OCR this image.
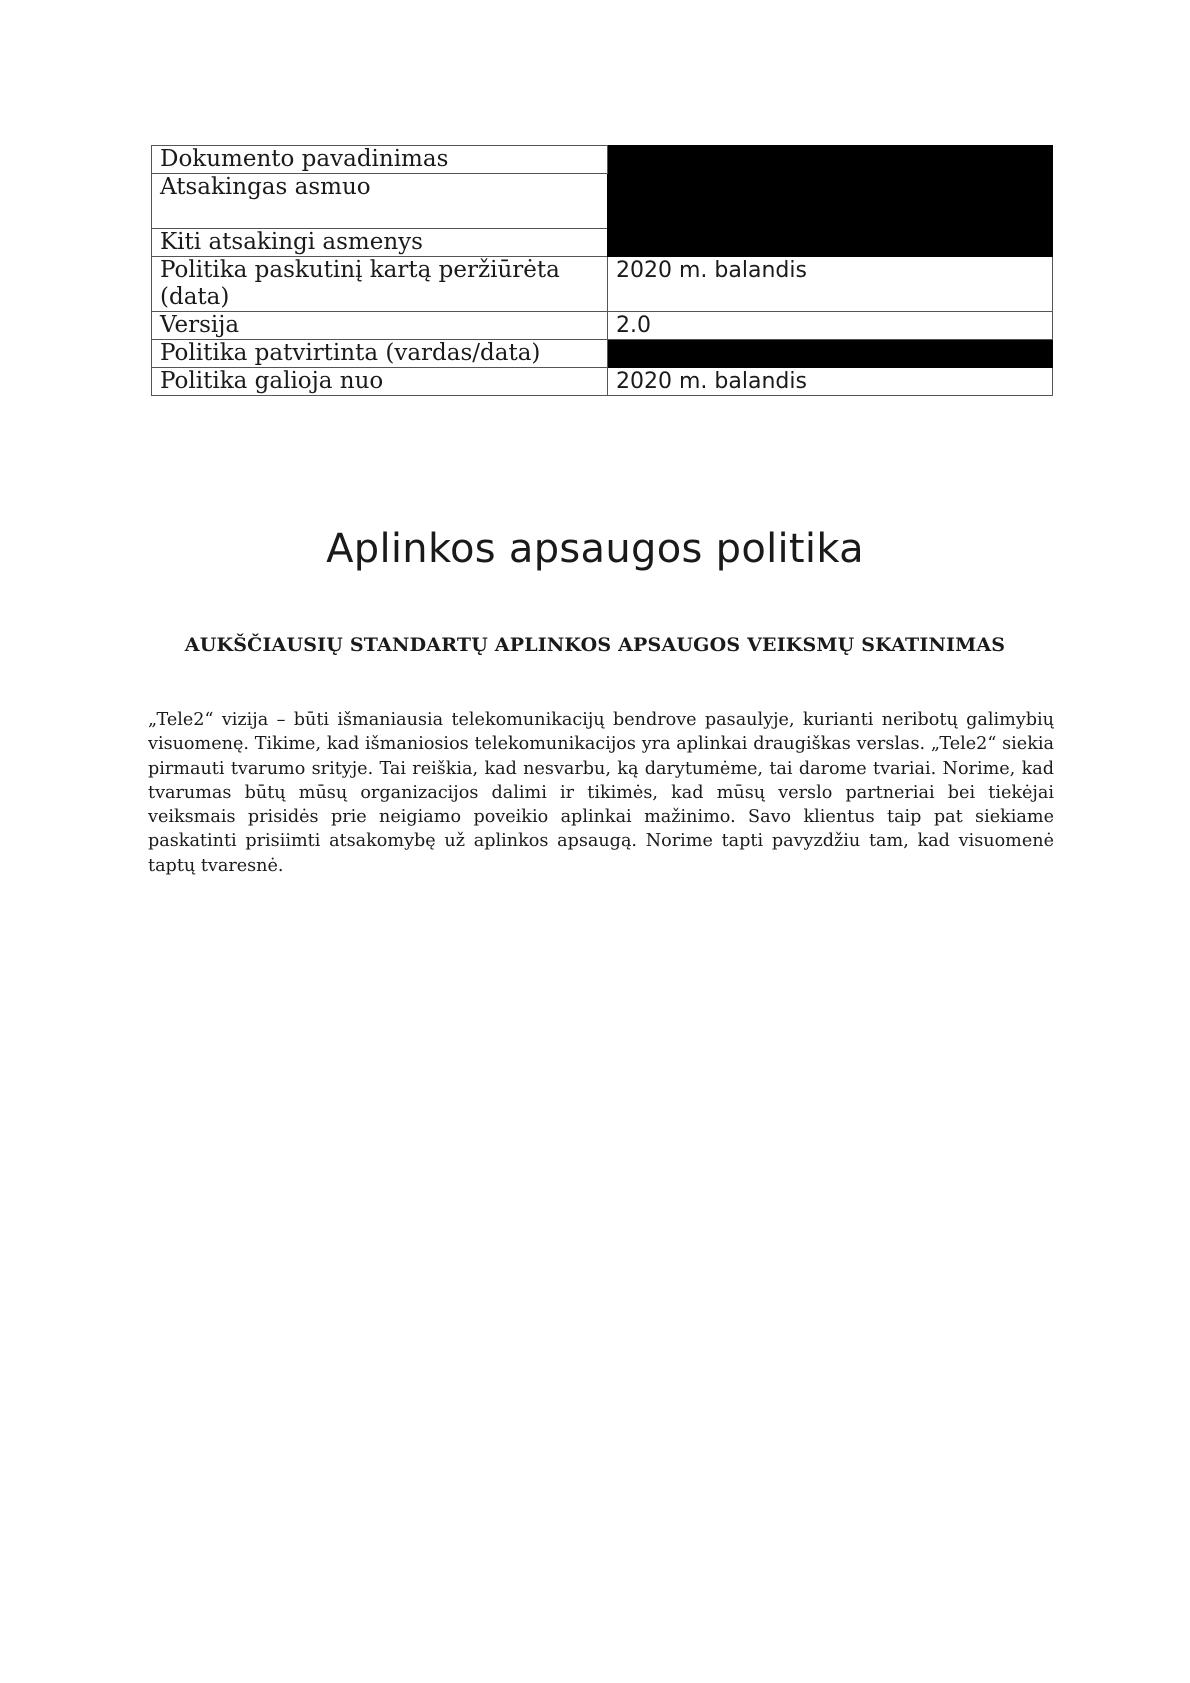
Dokumento pavadinimas	
Atsakingas asmuo	
Kiti atsakingi asmenys	
Politika paskutinį kartą peržiūrėta (data)	2020 m. balandis
Versija	2.0
Politika patvirtinta (vardas/data)	
Politika galioja nuo	2020 m. balandis
Aplinkos apsaugos politika
AUKŠČIAUSIŲ STANDARTŲ APLINKOS APSAUGOS VEIKSMŲ SKATINIMAS

„Tele2“ vizija – būti išmaniausia telekomunikacijų bendrove pasaulyje, kurianti neribotų galimybių visuomenę. Tikime, kad išmaniosios telekomunikacijos yra aplinkai draugiškas verslas. „Tele2“ siekia pirmauti tvarumo srityje. Tai reiškia, kad nesvarbu, ką darytumėme, tai darome tvariai. Norime, kad tvarumas būtų mūsų organizacijos dalimi ir tikimės, kad mūsų verslo partneriai bei tiekėjai veiksmais prisidės prie neigiamo poveikio aplinkai mažinimo. Savo klientus taip pat siekiame paskatinti prisiimti atsakomybę už aplinkos apsaugą. Norime tapti pavyzdžiu tam, kad visuomenė taptų tvaresnė.
